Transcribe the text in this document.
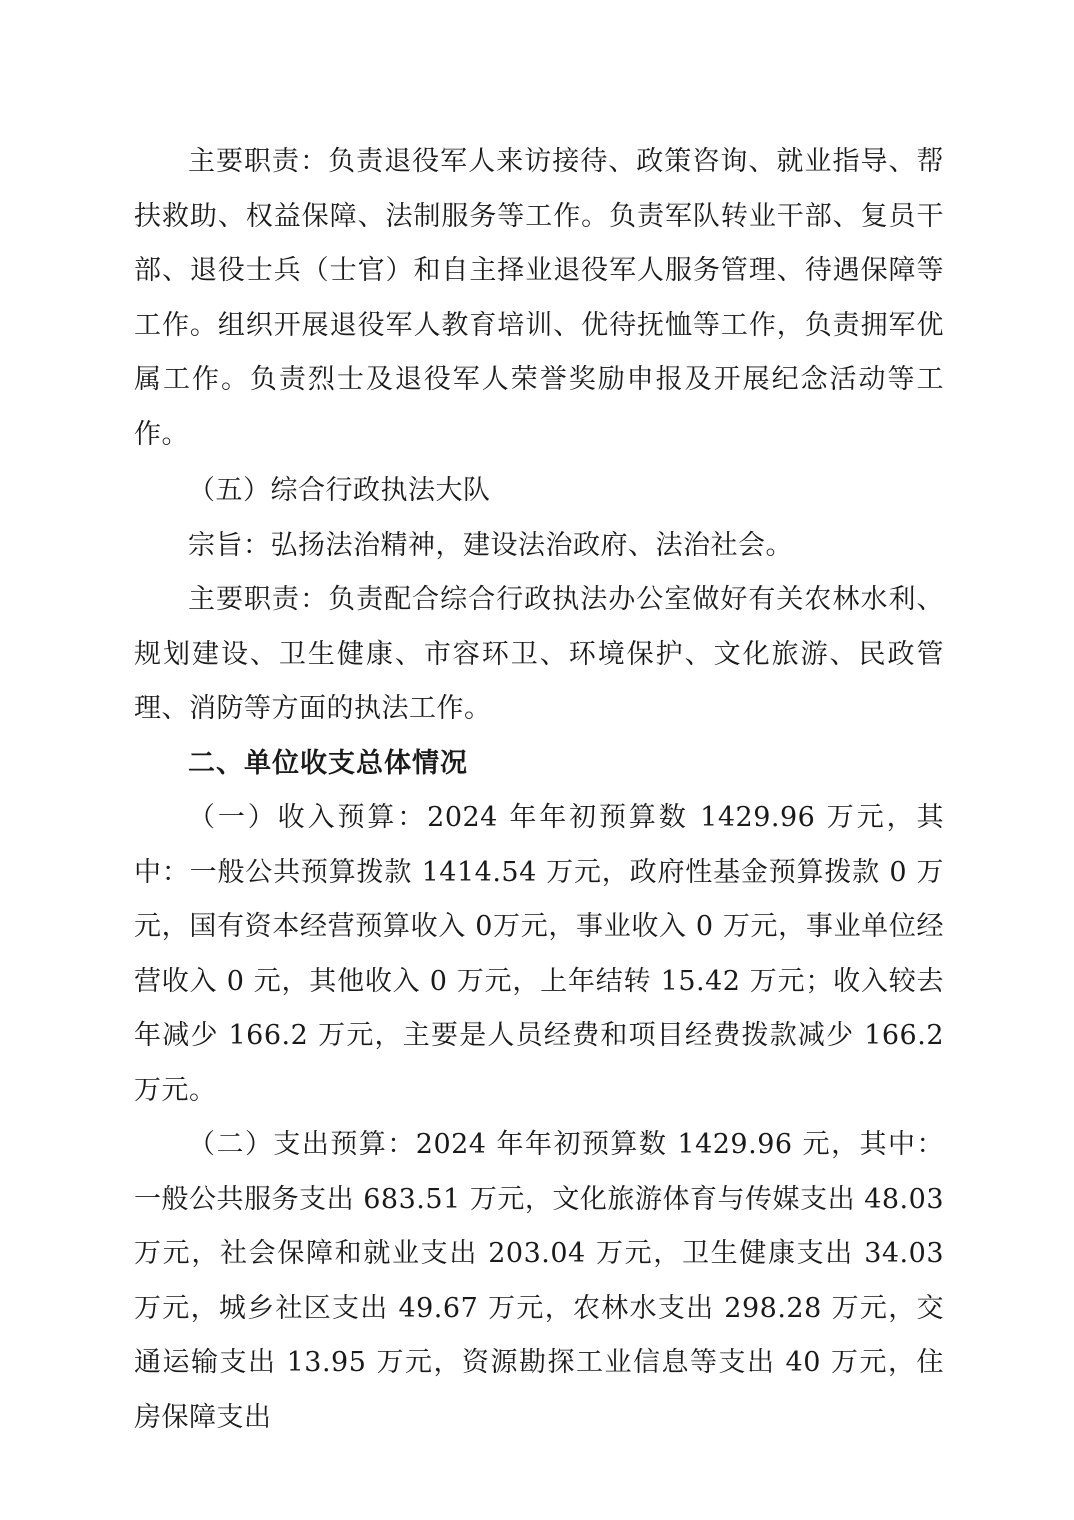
主要职责：负责退役军人来访接待、政策咨询、就业指导、帮扶救助、权益保障、法制服务等工作。负责军队转业干部、复员干部、退役士兵（士官）和自主择业退役军人服务管理、待遇保障等工作。组织开展退役军人教育培训、优待抚恤等工作，负责拥军优属工作。负责烈士及退役军人荣誉奖励申报及开展纪念活动等工作。

（五）综合行政执法大队

宗旨：弘扬法治精神，建设法治政府、法治社会。

主要职责：负责配合综合行政执法办公室做好有关农林水利、规划建设、卫生健康、市容环卫、环境保护、文化旅游、民政管理、消防等方面的执法工作。

二、单位收支总体情况

（一）收入预算：2024 年年初预算数 1429.96 万元，其中：一般公共预算拨款 1414.54 万元，政府性基金预算拨款 0 万元，国有资本经营预算收入 0万元，事业收入 0 万元，事业单位经营收入 0 元，其他收入 0 万元，上年结转 15.42 万元；收入较去年减少 166.2 万元，主要是人员经费和项目经费拨款减少 166.2 万元。

（二）支出预算：2024 年年初预算数 1429.96 元，其中：一般公共服务支出 683.51 万元，文化旅游体育与传媒支出 48.03 万元，社会保障和就业支出 203.04 万元，卫生健康支出 34.03 万元，城乡社区支出 49.67 万元，农林水支出 298.28 万元，交通运输支出 13.95 万元，资源勘探工业信息等支出 40 万元，住房保障支出
